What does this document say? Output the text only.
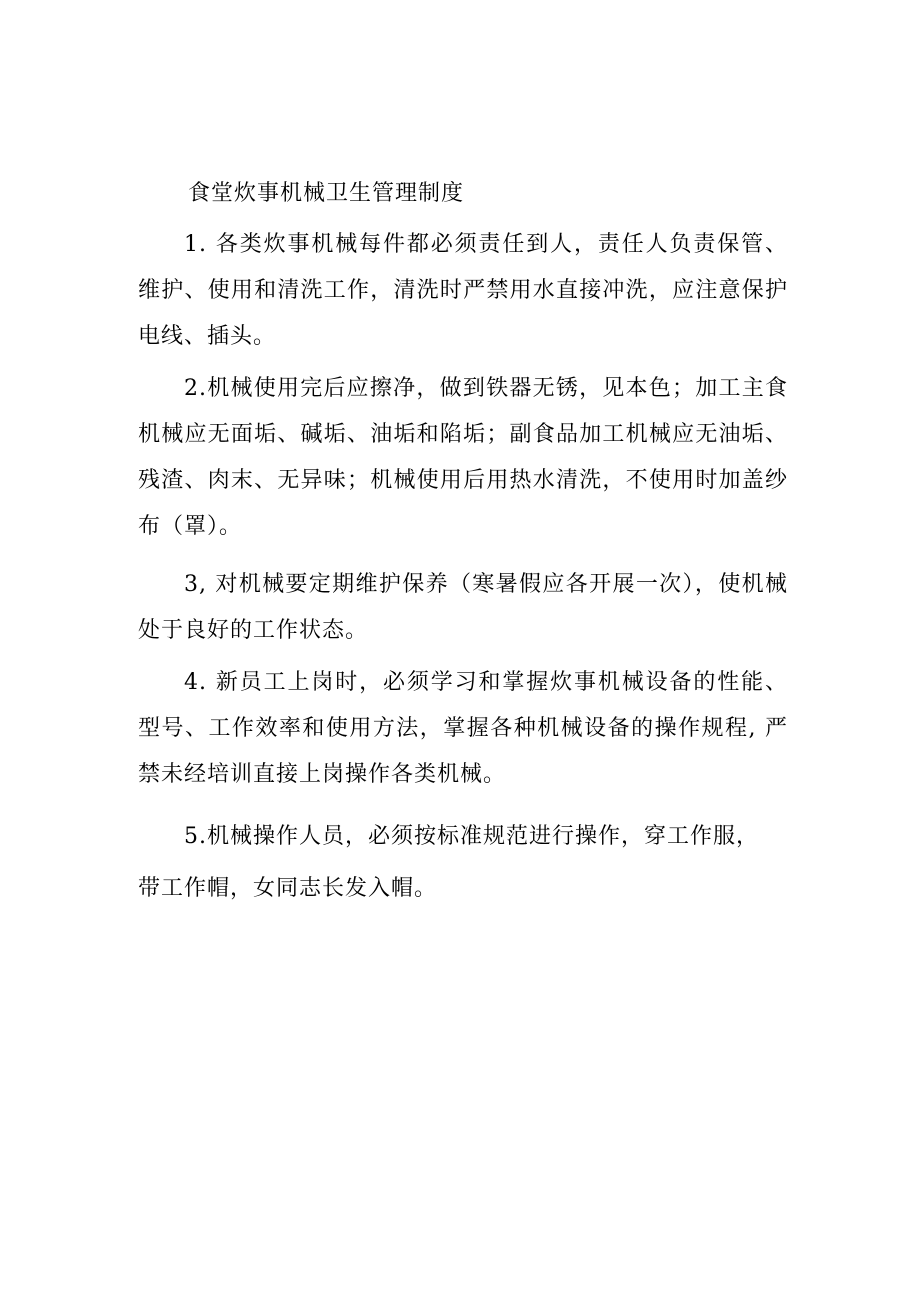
食堂炊事机械卫生管理制度

1. 各类炊事机械每件都必须责任到人，责任人负责保管、维护、使用和清洗工作，清洗时严禁用水直接冲洗，应注意保护电线、插头。

2.机械使用完后应擦净，做到铁器无锈，见本色；加工主食机械应无面垢、碱垢、油垢和陷垢；副食品加工机械应无油垢、残渣、肉末、无异味；机械使用后用热水清洗，不使用时加盖纱布（罩）。

3, 对机械要定期维护保养（寒暑假应各开展一次），使机械处于良好的工作状态。

4. 新员工上岗时，必须学习和掌握炊事机械设备的性能、型号、工作效率和使用方法，掌握各种机械设备的操作规程, 严禁未经培训直接上岗操作各类机械。

5.机械操作人员，必须按标准规范进行操作，穿工作服，

带工作帽，女同志长发入帽。
